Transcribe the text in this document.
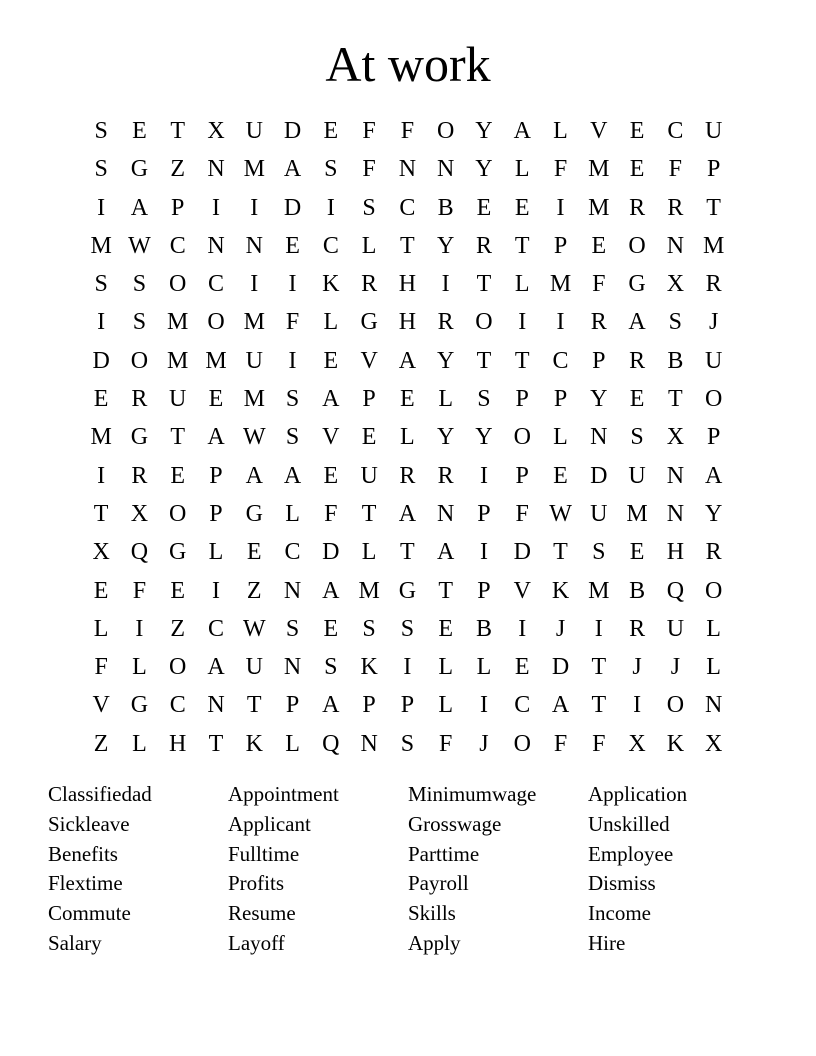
At work
S	E T X U D E	F	F O Y A L V E C U
S G Z N M A S	F N N Y L	F M E	F	P
I	A P	I	I	D	I	S C B E E	I M R R T
M W C N N E C L T Y R T	P	E O N M
S	S O C	I	I	K R H	I	T L M F G X R
I	S M O M F	L G H R O	I	I	R A S	J
D O M M U	I	E V A Y T T C P R B U
E R U E M S A P	E L	S	P	P Y E T O
M G T A W S V E L Y Y O L N S X P
I	R E	P A A E U R R	I	P	E D U N A
T X O P G L	F	T A N P	F W U M N Y
X Q G L E C D L T A	I	D T	S	E H R
E	F	E	I	Z N A M G T	P V K M B Q O
L	I	Z C W S	E	S	S	E B	I	J	I	R U L
F	L O A U N S K	I	L L E D T	J	J	L
V G C N T	P A P	P	L	I	C A T	I	O N
Z L H T K L Q N S	F	J	O F	F X K X
Classifiedad	Appointment	Minimumwage	Application
Sickleave	Applicant	Grosswage	Unskilled
Benefits	Fulltime	Parttime	Employee
Flextime	Profits	Payroll	Dismiss
Commute	Resume	Skills	Income
Salary	Layoff	Apply	Hire
